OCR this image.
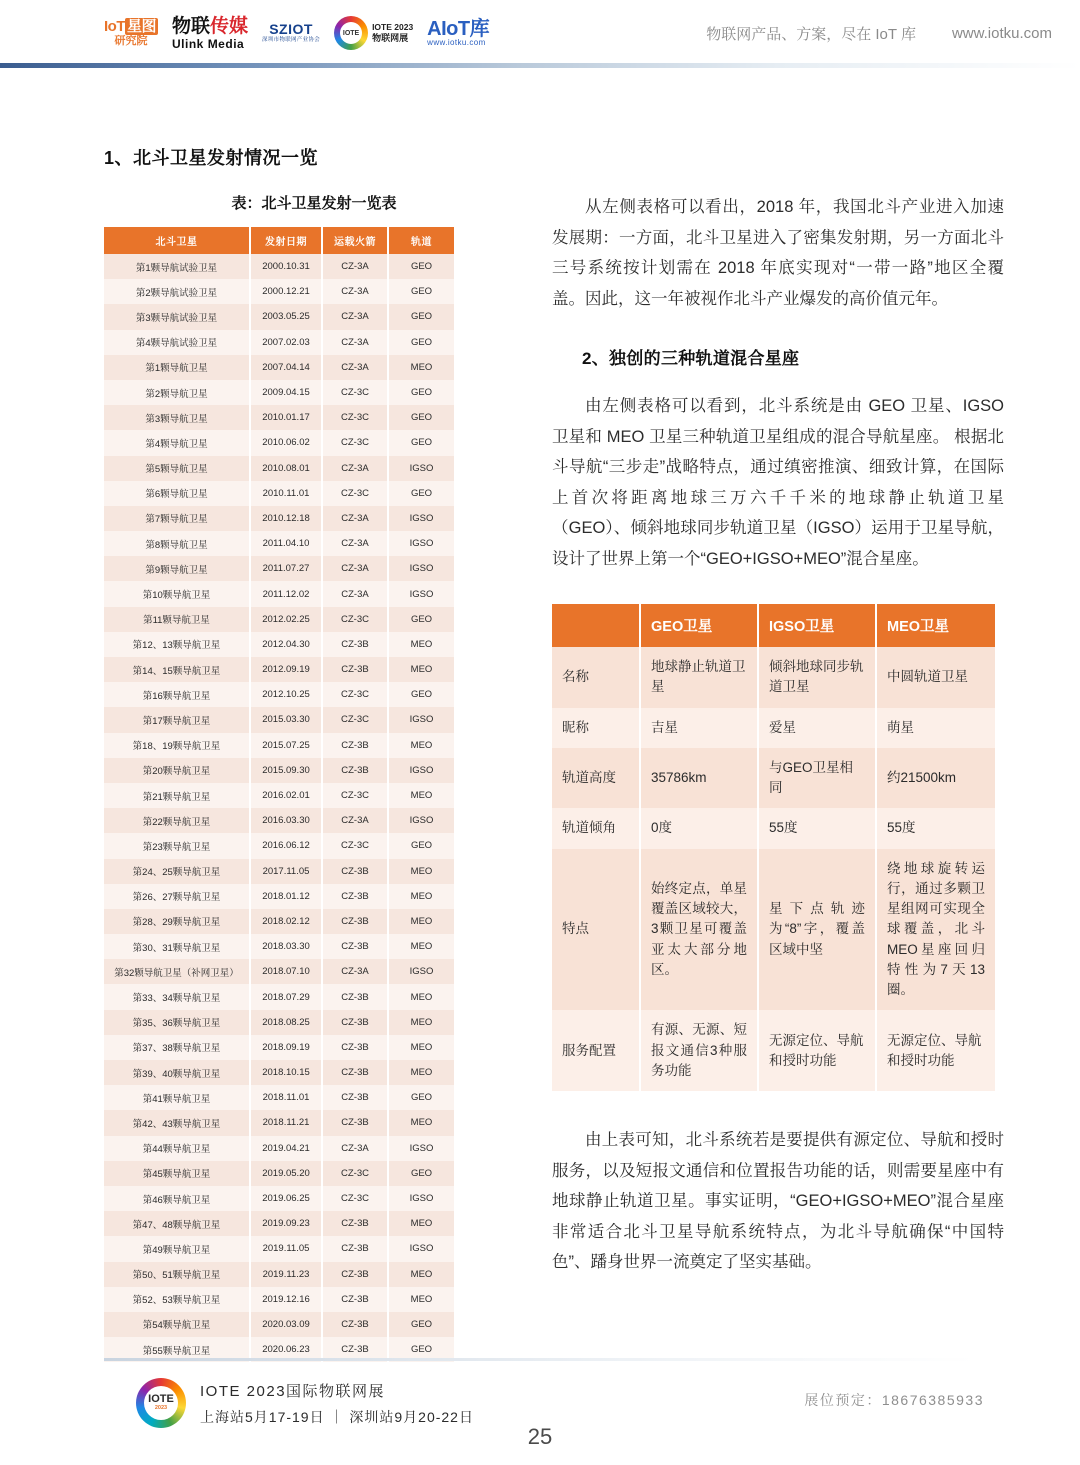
IoT 星图
研究院
物联传媒
Ulink Media
SZIOT
深圳市物联网产业协会
IOTE
IOTE 2023
物联网展 AIoT库
www.iotku.com	物联网产品、方案，尽在 IoT 库 www.iotku.com
1、北斗卫星发射情况一览
表：北斗卫星发射一览表
北斗卫星	发射日期	运载火箭	轨道
第1颗导航试验卫星	2000.10.31	CZ-3A	GEO
第2颗导航试验卫星	2000.12.21	CZ-3A	GEO
第3颗导航试验卫星	2003.05.25	CZ-3A	GEO
第4颗导航试验卫星	2007.02.03	CZ-3A	GEO
第1颗导航卫星	2007.04.14	CZ-3A	MEO
第2颗导航卫星	2009.04.15	CZ-3C	GEO
第3颗导航卫星	2010.01.17	CZ-3C	GEO
第4颗导航卫星	2010.06.02	CZ-3C	GEO
第5颗导航卫星	2010.08.01	CZ-3A	IGSO
第6颗导航卫星	2010.11.01	CZ-3C	GEO
第7颗导航卫星	2010.12.18	CZ-3A	IGSO
第8颗导航卫星	2011.04.10	CZ-3A	IGSO
第9颗导航卫星	2011.07.27	CZ-3A	IGSO
第10颗导航卫星	2011.12.02	CZ-3A	IGSO
第11颗导航卫星	2012.02.25	CZ-3C	GEO
第12、13颗导航卫星	2012.04.30	CZ-3B	MEO
第14、15颗导航卫星	2012.09.19	CZ-3B	MEO
第16颗导航卫星	2012.10.25	CZ-3C	GEO
第17颗导航卫星	2015.03.30	CZ-3C	IGSO
第18、19颗导航卫星	2015.07.25	CZ-3B	MEO
第20颗导航卫星	2015.09.30	CZ-3B	IGSO
第21颗导航卫星	2016.02.01	CZ-3C	MEO
第22颗导航卫星	2016.03.30	CZ-3A	IGSO
第23颗导航卫星	2016.06.12	CZ-3C	GEO
第24、25颗导航卫星	2017.11.05	CZ-3B	MEO
第26、27颗导航卫星	2018.01.12	CZ-3B	MEO
第28、29颗导航卫星	2018.02.12	CZ-3B	MEO
第30、31颗导航卫星	2018.03.30	CZ-3B	MEO
第32颗导航卫星（补网卫星）	2018.07.10	CZ-3A	IGSO
第33、34颗导航卫星	2018.07.29	CZ-3B	MEO
第35、36颗导航卫星	2018.08.25	CZ-3B	MEO
第37、38颗导航卫星	2018.09.19	CZ-3B	MEO
第39、40颗导航卫星	2018.10.15	CZ-3B	MEO
第41颗导航卫星	2018.11.01	CZ-3B	GEO
第42、43颗导航卫星	2018.11.21	CZ-3B	MEO
第44颗导航卫星	2019.04.21	CZ-3A	IGSO
第45颗导航卫星	2019.05.20	CZ-3C	GEO
第46颗导航卫星	2019.06.25	CZ-3C	IGSO
第47、48颗导航卫星	2019.09.23	CZ-3B	MEO
第49颗导航卫星	2019.11.05	CZ-3B	IGSO
第50、51颗导航卫星	2019.11.23	CZ-3B	MEO
第52、53颗导航卫星	2019.12.16	CZ-3B	MEO
第54颗导航卫星	2020.03.09	CZ-3B	GEO
第55颗导航卫星	2020.06.23	CZ-3B	GEO

从左侧表格可以看出，2018 年，我国北斗产业进入加速发展期：一方面，北斗卫星进入了密集发射期，另一方面北斗三号系统按计划需在 2018 年底实现对“一带一路”地区全覆盖。因此，这一年被视作北斗产业爆发的高价值元年。

2、独创的三种轨道混合星座

由左侧表格可以看到，北斗系统是由 GEO 卫星、IGSO 卫星和 MEO 卫星三种轨道卫星组成的混合导航星座。 根据北斗导航“三步走”战略特点，通过缜密推演、细致计算，在国际上首次将距离地球三万六千千米的地球静止轨道卫星（GEO）、倾斜地球同步轨道卫星（IGSO）运用于卫星导航，设计了世界上第一个“GEO+IGSO+MEO”混合星座。

	GEO卫星	IGSO卫星	MEO卫星
名称	地球静止轨道卫星	倾斜地球同步轨道卫星	中圆轨道卫星
昵称	吉星	爱星	萌星
轨道高度	35786km	与GEO卫星相同	约21500km
轨道倾角	0度	55度	55度
特点	始终定点，单星覆盖区域较大，3颗卫星可覆盖亚太大部分地区。	星下点轨迹为“8”字，覆盖区域中坚	绕地球旋转运行，通过多颗卫星组网可实现全球覆盖，北斗MEO星座回归特性为7天13圈。
服务配置	有源、无源、短报文通信3种服务功能	无源定位、导航和授时功能	无源定位、导航和授时功能

由上表可知，北斗系统若是要提供有源定位、导航和授时服务，以及短报文通信和位置报告功能的话，则需要星座中有地球静止轨道卫星。事实证明，“GEO+IGSO+MEO”混合星座非常适合北斗卫星导航系统特点，为北斗导航确保“中国特色”、蹯身世界一流奠定了坚实基础。

IOTE
2023
IOTE 2023国际物联网展
上海站5月17-19日 ｜ 深圳站9月20-22日
展位预定：18676385933
25
